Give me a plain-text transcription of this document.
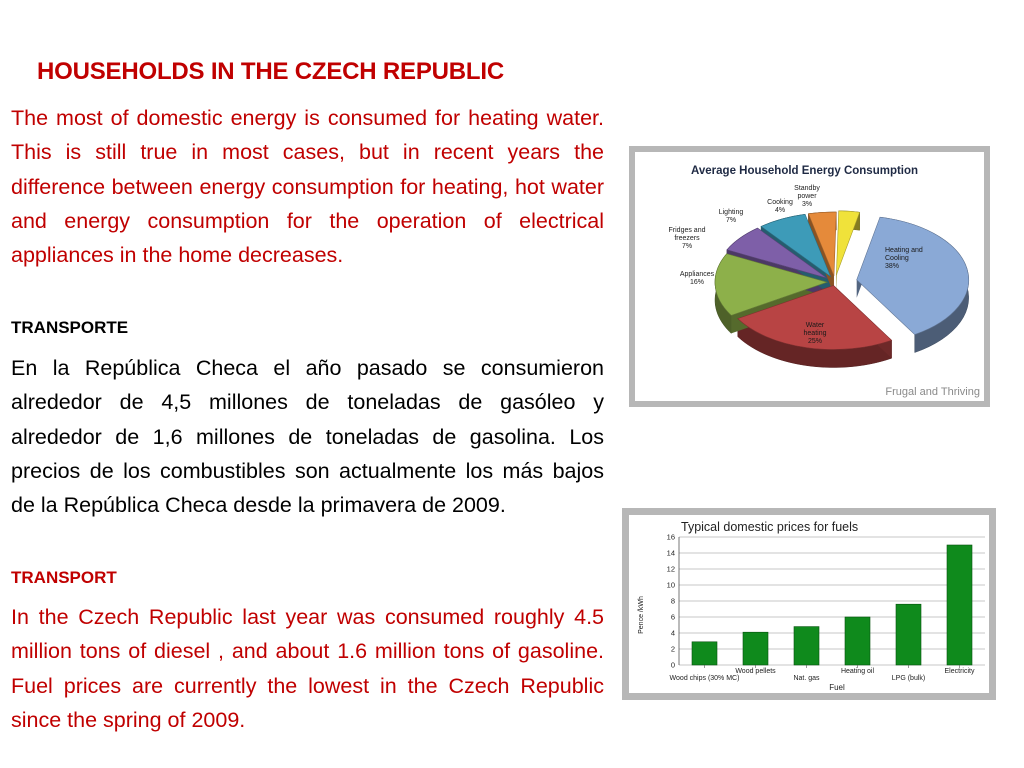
HOUSEHOLDS IN THE CZECH REPUBLIC

The most of domestic energy is consumed for heating water. This is still true in most cases, but in recent years the difference between energy consumption for heating, hot water and energy consumption for the operation of electrical appliances in the home decreases.

TRANSPORTE

En la República Checa el año pasado se consumieron alrededor de 4,5 millones de toneladas de gasóleo y alrededor de 1,6 millones de toneladas de gasolina. Los precios de los combustibles son actualmente los más bajos de la República Checa desde la primavera de 2009.

TRANSPORT

In the Czech Republic last year was consumed roughly 4.5 million tons of diesel , and about 1.6 million tons of gasoline. Fuel prices are currently the lowest in the Czech Republic since the spring of 2009.

Average Household Energy Consumption
Heating and Cooling 38%
Water heating 25%
Appliances 16%
Fridges and freezers 7%
Lighting 7%
Cooking 4%
Standby power 3%
Frugal and Thriving
Typical domestic prices for fuels
0
2
4
6
8
10
12
14
16
Wood chips (30% MC)
Wood pellets
Nat. gas
Heating oil
LPG (bulk)
Electricity
Pence /kWh
Fuel
